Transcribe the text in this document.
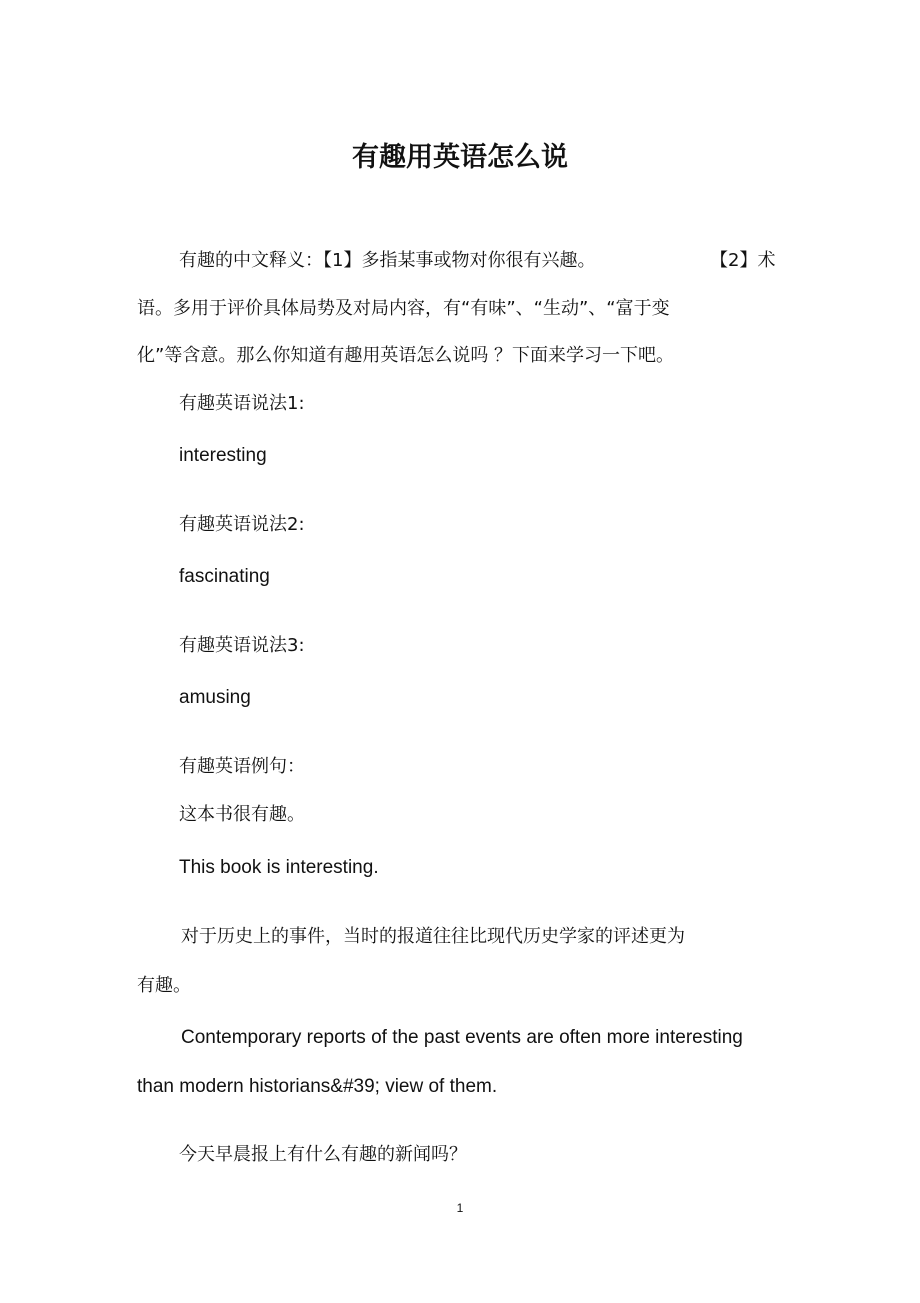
有趣用英语怎么说
有趣的中文释义：【1】多指某事或物对你很有兴趣。	【2】术
语。多用于评价具体局势及对局内容，有“有味”、“生动”、“富于变
化”等含意。那么你知道有趣用英语怎么说吗 ？下面来学习一下吧。
有趣英语说法1:
interesting
有趣英语说法2:
fascinating
有趣英语说法3:
amusing
有趣英语例句：
这本书很有趣。
This book is interesting.
对于历史上的事件，当时的报道往往比现代历史学家的评述更为
有趣。
Contemporary reports of the past events are often more interesting
than modern historians&#39; view of them.
今天早晨报上有什么有趣的新闻吗？
1
